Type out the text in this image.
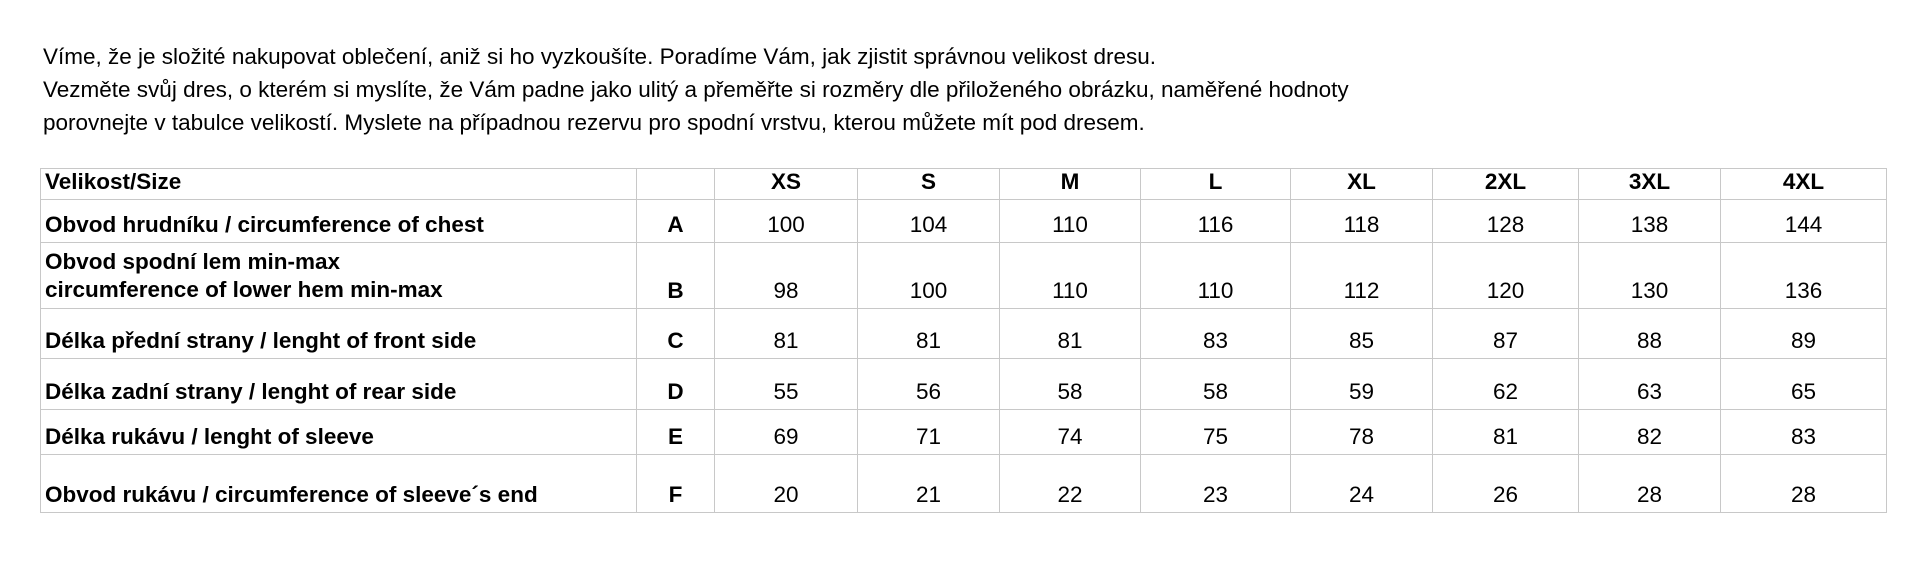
Víme, že je složité nakupovat oblečení, aniž si ho vyzkoušíte. Poradíme Vám, jak zjistit správnou velikost dresu.

Vezměte svůj dres, o kterém si myslíte, že Vám padne jako ulitý a přeměřte si rozměry dle přiloženého obrázku, naměřené hodnoty

porovnejte v tabulce velikostí. Myslete na případnou rezervu pro spodní vrstvu, kterou můžete mít pod dresem.

Velikost/Size		XS	S	M	L	XL	2XL	3XL	4XL
Obvod hrudníku / circumference of chest	A	100	104	110	116	118	128	138	144

Obvod spodní lem min-max
circumference of lower hem min-max	B	98	100	110	110	112	120	130	136
Délka přední strany / lenght of front side	C	81	81	81	83	85	87	88	89
Délka zadní strany / lenght of rear side	D	55	56	58	58	59	62	63	65
Délka rukávu / lenght of sleeve	E	69	71	74	75	78	81	82	83
Obvod rukávu / circumference of sleeve´s end	F	20	21	22	23	24	26	28	28
